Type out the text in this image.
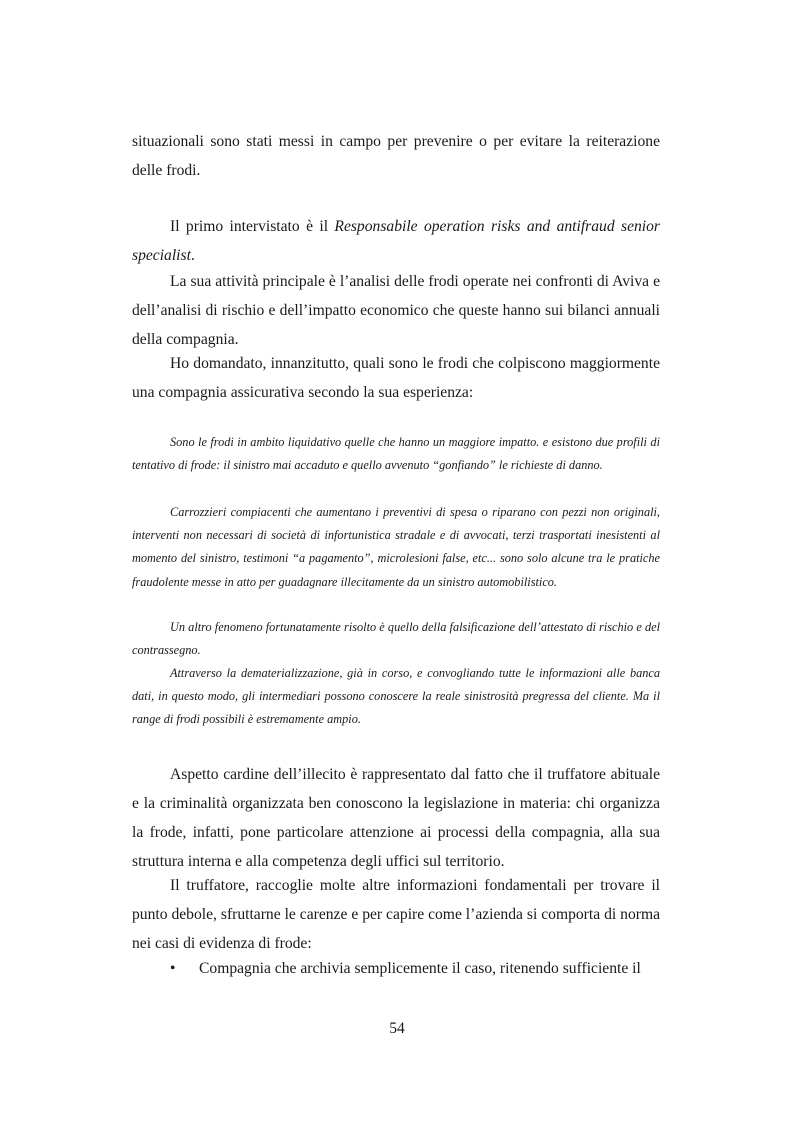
situazionali sono stati messi in campo per prevenire o per evitare la reiterazione delle frodi.
Il primo intervistato è il Responsabile operation risks and antifraud senior specialist.
La sua attività principale è l’analisi delle frodi operate nei confronti di Aviva e dell’analisi di rischio e dell’impatto economico che queste hanno sui bilanci annuali della compagnia.
Ho domandato, innanzitutto, quali sono le frodi che colpiscono maggiormente una compagnia assicurativa secondo la sua esperienza:
Sono le frodi in ambito liquidativo quelle che hanno un maggiore impatto. e esistono due profili di tentativo di frode: il sinistro mai accaduto e quello avvenuto “gonfiando” le richieste di danno.
Carrozzieri compiacenti che aumentano i preventivi di spesa o riparano con pezzi non originali, interventi non necessari di società di infortunistica stradale e di avvocati, terzi trasportati inesistenti al momento del sinistro, testimoni “a pagamento”, microlesioni false, etc... sono solo alcune tra le pratiche fraudolente messe in atto per guadagnare illecitamente da un sinistro automobilistico.
Un altro fenomeno fortunatamente risolto è quello della falsificazione dell’attestato di rischio e del contrassegno.
Attraverso la dematerializzazione, già in corso, e convogliando tutte le informazioni alle banca dati, in questo modo, gli intermediari possono conoscere la reale sinistrosità pregressa del cliente. Ma il range di frodi possibili è estremamente ampio.
Aspetto cardine dell’illecito è rappresentato dal fatto che il truffatore abituale e la criminalità organizzata ben conoscono la legislazione in materia: chi organizza la frode, infatti, pone particolare attenzione ai processi della compagnia, alla sua struttura interna e alla competenza degli uffici sul territorio.
Il truffatore, raccoglie molte altre informazioni fondamentali per trovare il punto debole, sfruttarne le carenze e per capire come l’azienda si comporta di norma nei casi di evidenza di frode:
• Compagnia che archivia semplicemente il caso, ritenendo sufficiente il
54
